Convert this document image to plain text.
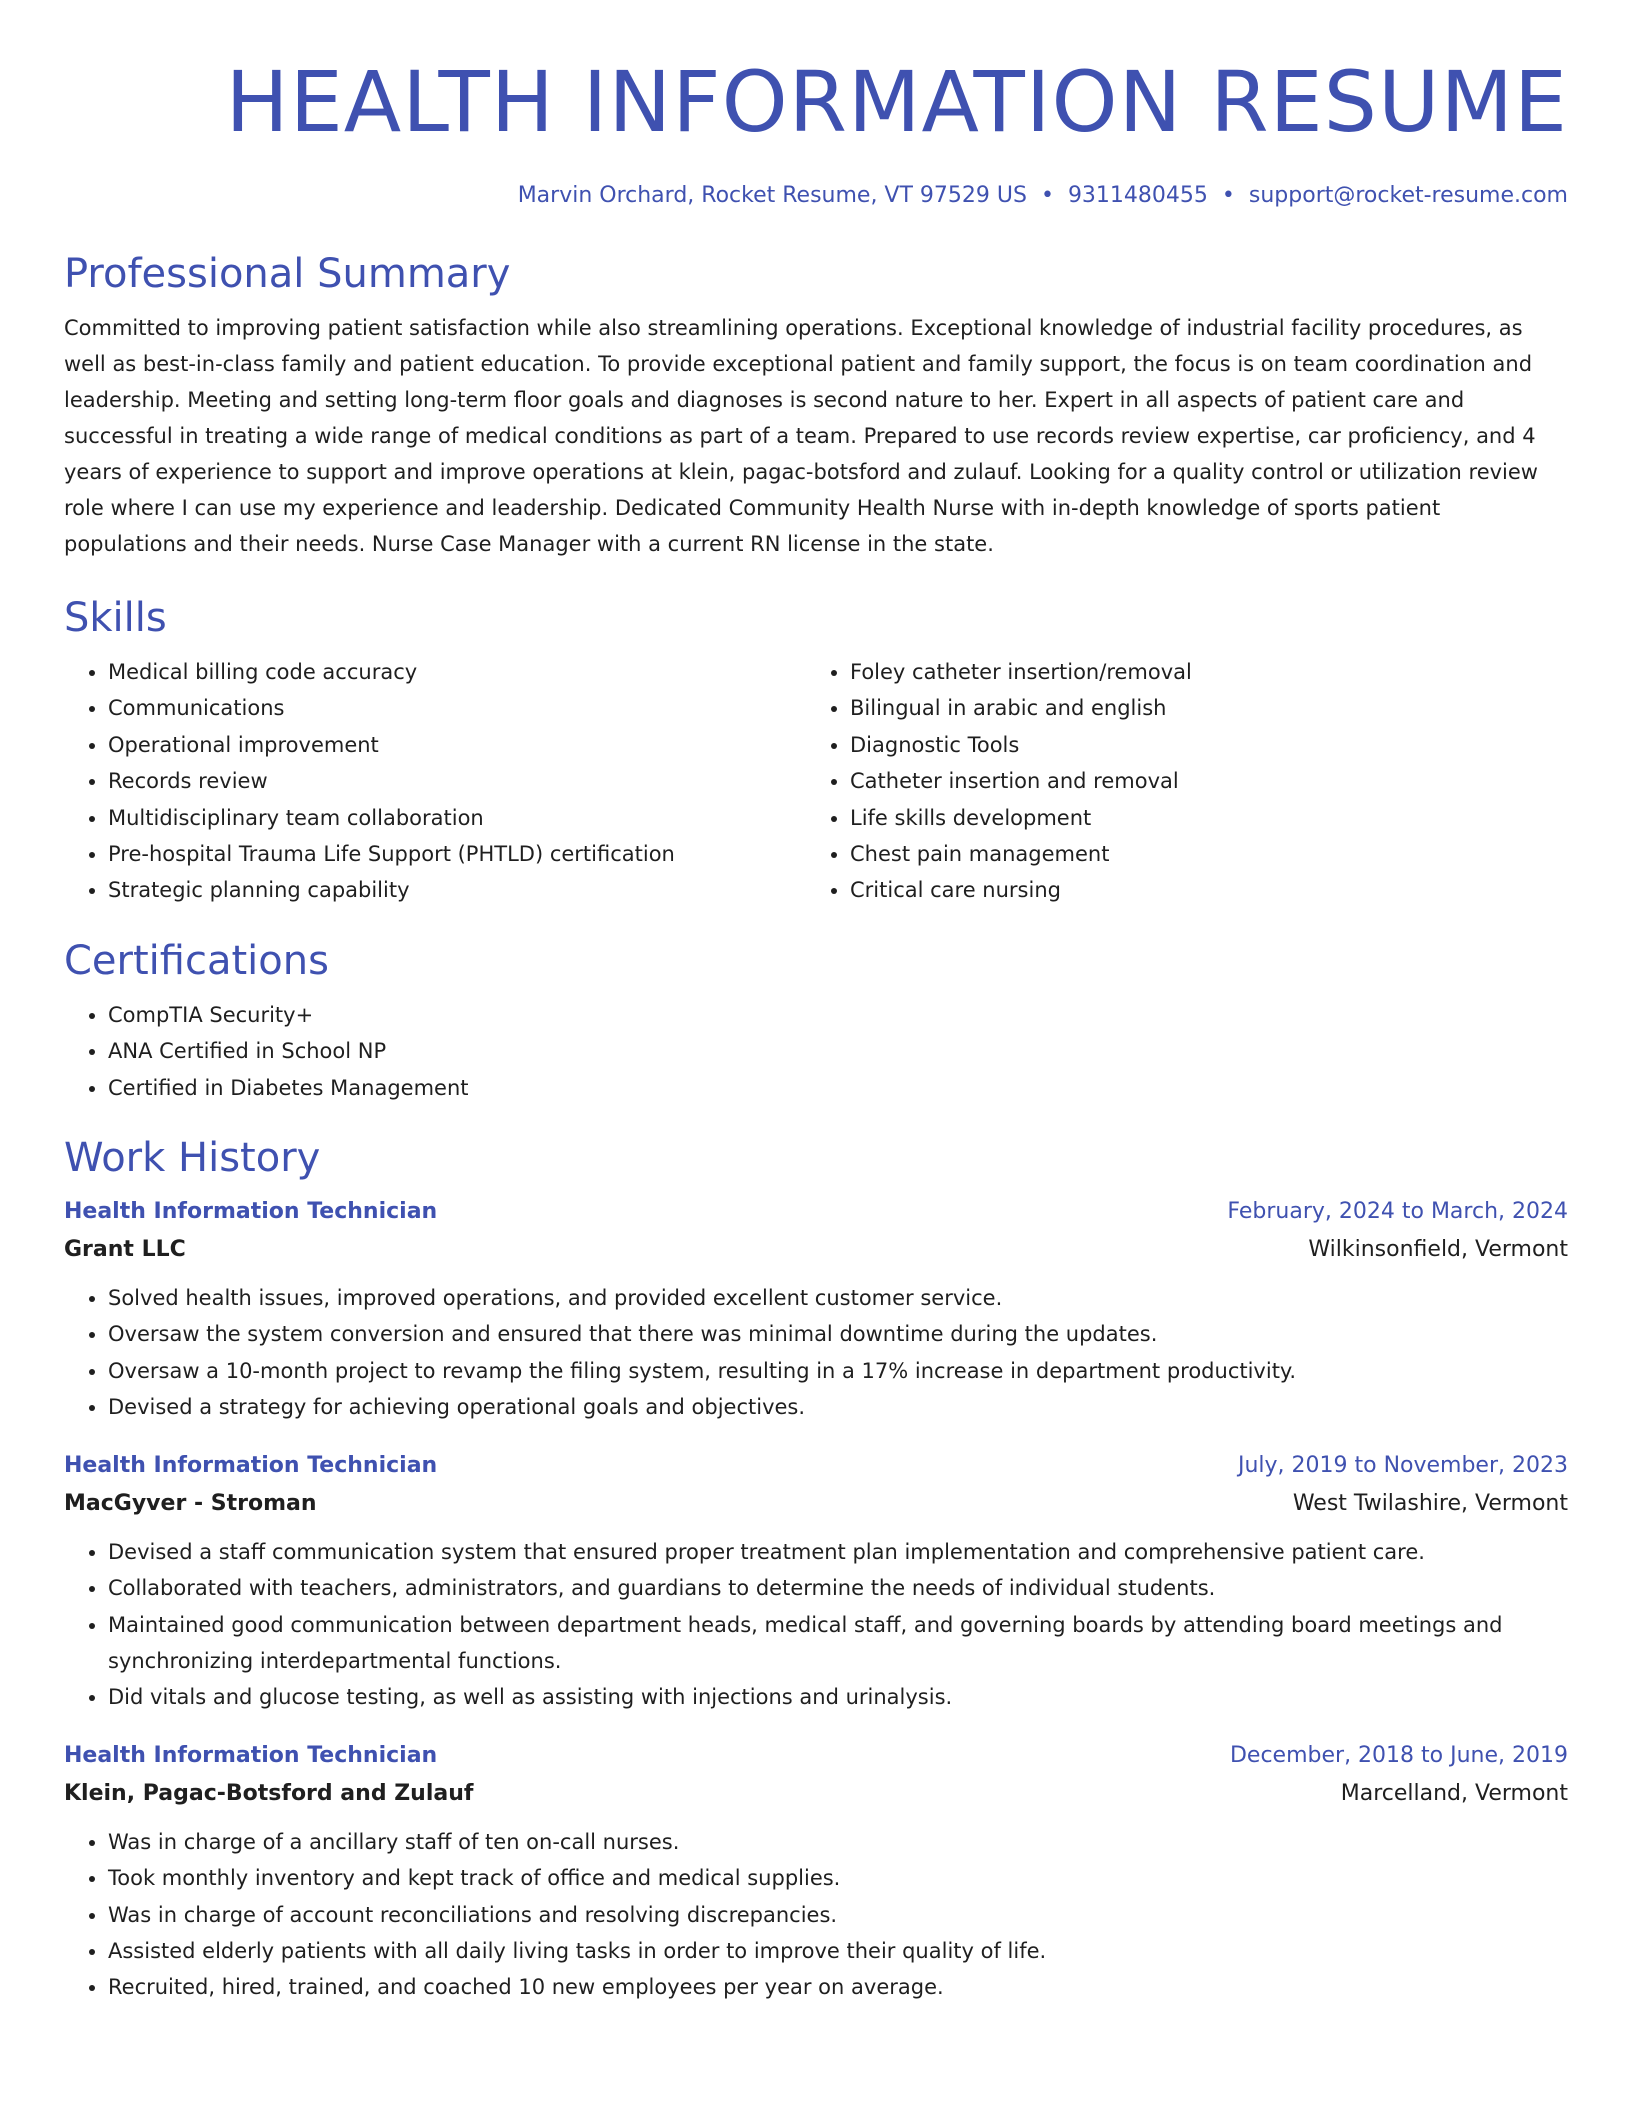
HEALTH INFORMATION RESUME
Marvin Orchard, Rocket Resume, VT 97529 US • 9311480455 • support@rocket-resume.com
Professional Summary

Committed to improving patient satisfaction while also streamlining operations. Exceptional knowledge of industrial facility procedures, as well as best-in-class family and patient education. To provide exceptional patient and family support, the focus is on team coordination and leadership. Meeting and setting long-term floor goals and diagnoses is second nature to her. Expert in all aspects of patient care and successful in treating a wide range of medical conditions as part of a team. Prepared to use records review expertise, car proficiency, and 4 years of experience to support and improve operations at klein, pagac-botsford and zulauf. Looking for a quality control or utilization review role where I can use my experience and leadership. Dedicated Community Health Nurse with in-depth knowledge of sports patient populations and their needs. Nurse Case Manager with a current RN license in the state.

Skills
• Medical billing code accuracy
• Communications
• Operational improvement
• Records review
• Multidisciplinary team collaboration
• Pre-hospital Trauma Life Support (PHTLD) certification
• Strategic planning capability
• Foley catheter insertion/removal
• Bilingual in arabic and english
• Diagnostic Tools
• Catheter insertion and removal
• Life skills development
• Chest pain management
• Critical care nursing
Certifications
• CompTIA Security+
• ANA Certified in School NP
• Certified in Diabetes Management
Work History
Health Information Technician	February, 2024 to March, 2024
Grant LLC	Wilkinsonfield, Vermont
• Solved health issues, improved operations, and provided excellent customer service.
• Oversaw the system conversion and ensured that there was minimal downtime during the updates.
• Oversaw a 10-month project to revamp the filing system, resulting in a 17% increase in department productivity.
• Devised a strategy for achieving operational goals and objectives.
Health Information Technician	July, 2019 to November, 2023
MacGyver - Stroman	West Twilashire, Vermont
• Devised a staff communication system that ensured proper treatment plan implementation and comprehensive patient care.
• Collaborated with teachers, administrators, and guardians to determine the needs of individual students.
• Maintained good communication between department heads, medical staff, and governing boards by attending board meetings and synchronizing interdepartmental functions.
• Did vitals and glucose testing, as well as assisting with injections and urinalysis.
Health Information Technician	December, 2018 to June, 2019
Klein, Pagac-Botsford and Zulauf	Marcelland, Vermont
• Was in charge of a ancillary staff of ten on-call nurses.
• Took monthly inventory and kept track of office and medical supplies.
• Was in charge of account reconciliations and resolving discrepancies.
• Assisted elderly patients with all daily living tasks in order to improve their quality of life.
• Recruited, hired, trained, and coached 10 new employees per year on average.
